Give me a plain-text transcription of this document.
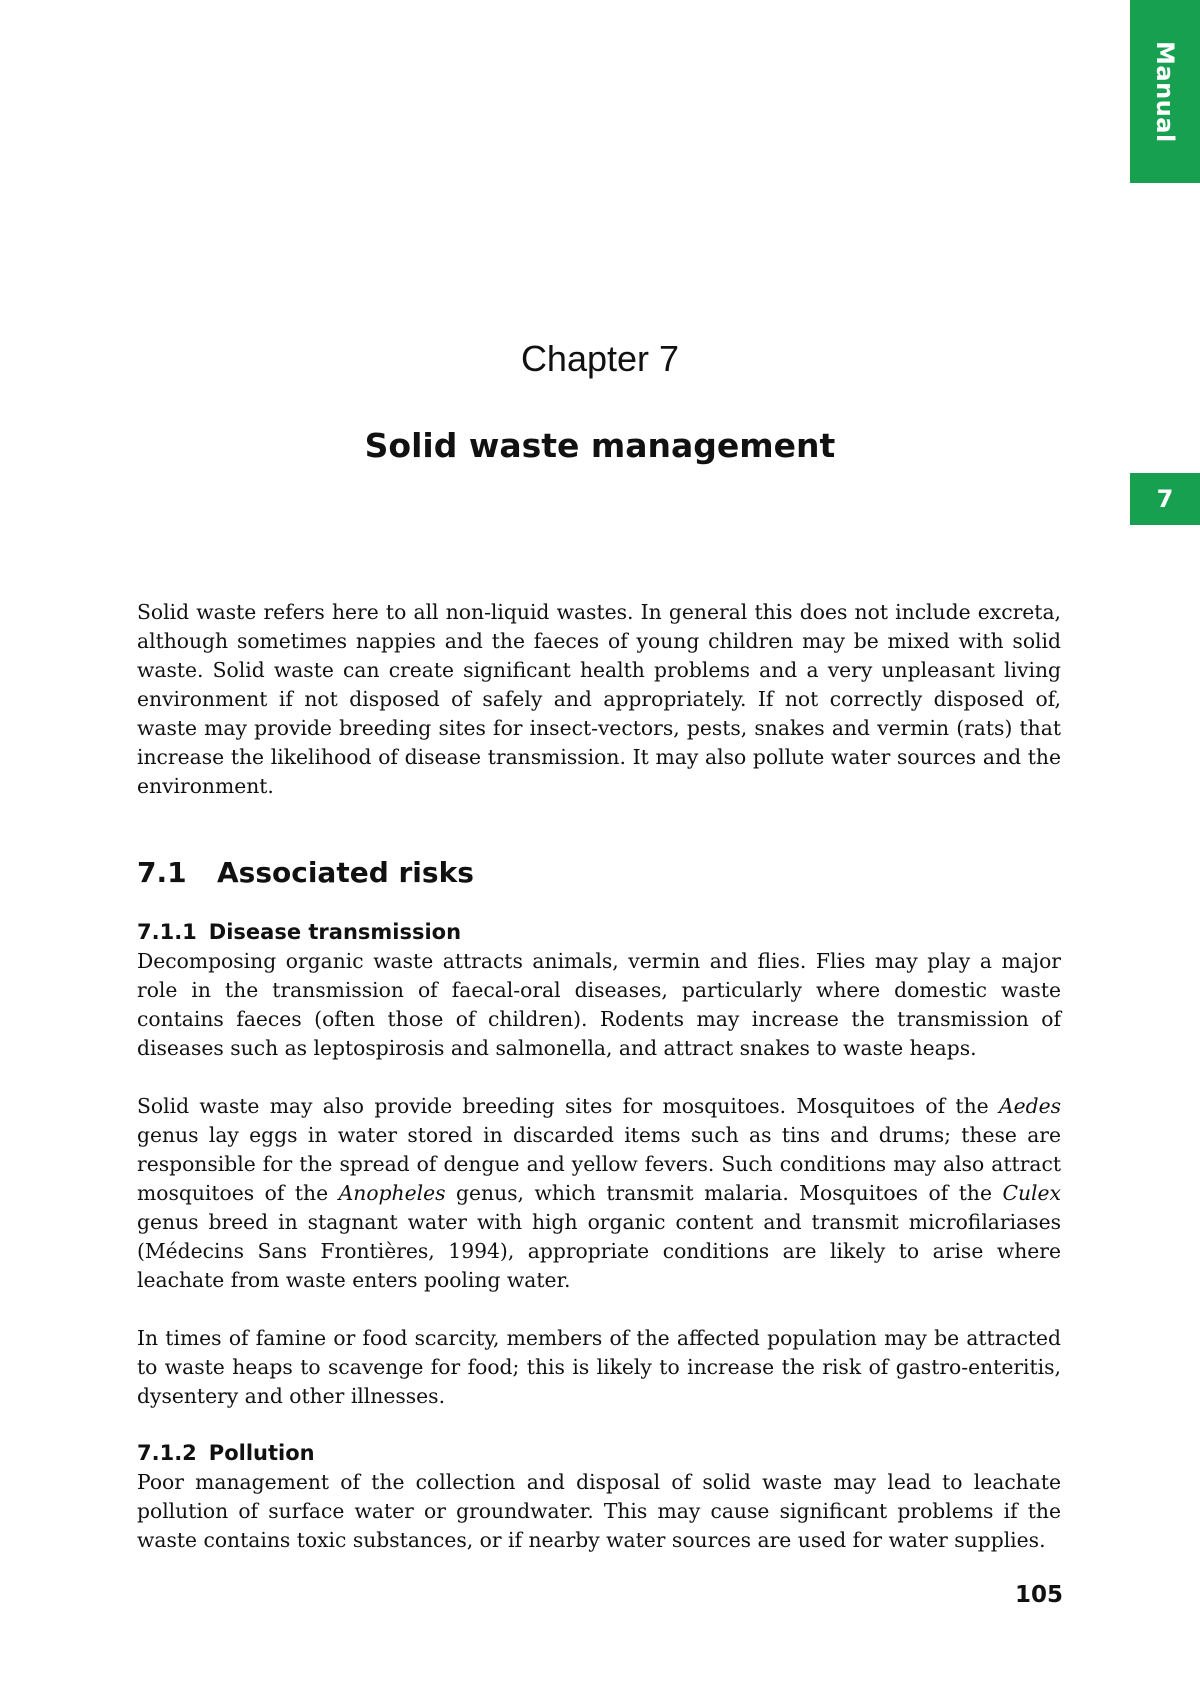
Manual
7
Chapter 7
Solid waste management

Solid waste refers here to all non-liquid wastes. In general this does not include excreta, although sometimes nappies and the faeces of young children may be mixed with solid waste. Solid waste can create significant health problems and a very unpleasant living environment if not disposed of safely and appropriately. If not correctly disposed of, waste may provide breeding sites for insect-vectors, pests, snakes and vermin (rats) that increase the likelihood of disease transmission. It may also pollute water sources and the environment.

7.1 Associated risks
7.1.1 Disease transmission

Decomposing organic waste attracts animals, vermin and flies. Flies may play a major role in the transmission of faecal-oral diseases, particularly where domestic waste contains faeces (often those of children). Rodents may increase the transmission of diseases such as leptospirosis and salmonella, and attract snakes to waste heaps.

Solid waste may also provide breeding sites for mosquitoes. Mosquitoes of the Aedes genus lay eggs in water stored in discarded items such as tins and drums; these are responsible for the spread of dengue and yellow fevers. Such conditions may also attract mosquitoes of the Anopheles genus, which transmit malaria. Mosquitoes of the Culex genus breed in stagnant water with high organic content and transmit microfilariases (Médecins Sans Frontières, 1994), appropriate conditions are likely to arise where leachate from waste enters pooling water.

In times of famine or food scarcity, members of the affected population may be attracted to waste heaps to scavenge for food; this is likely to increase the risk of gastro-enteritis, dysentery and other illnesses.

7.1.2 Pollution

Poor management of the collection and disposal of solid waste may lead to leachate pollution of surface water or groundwater. This may cause significant problems if the waste contains toxic substances, or if nearby water sources are used for water supplies.

105
